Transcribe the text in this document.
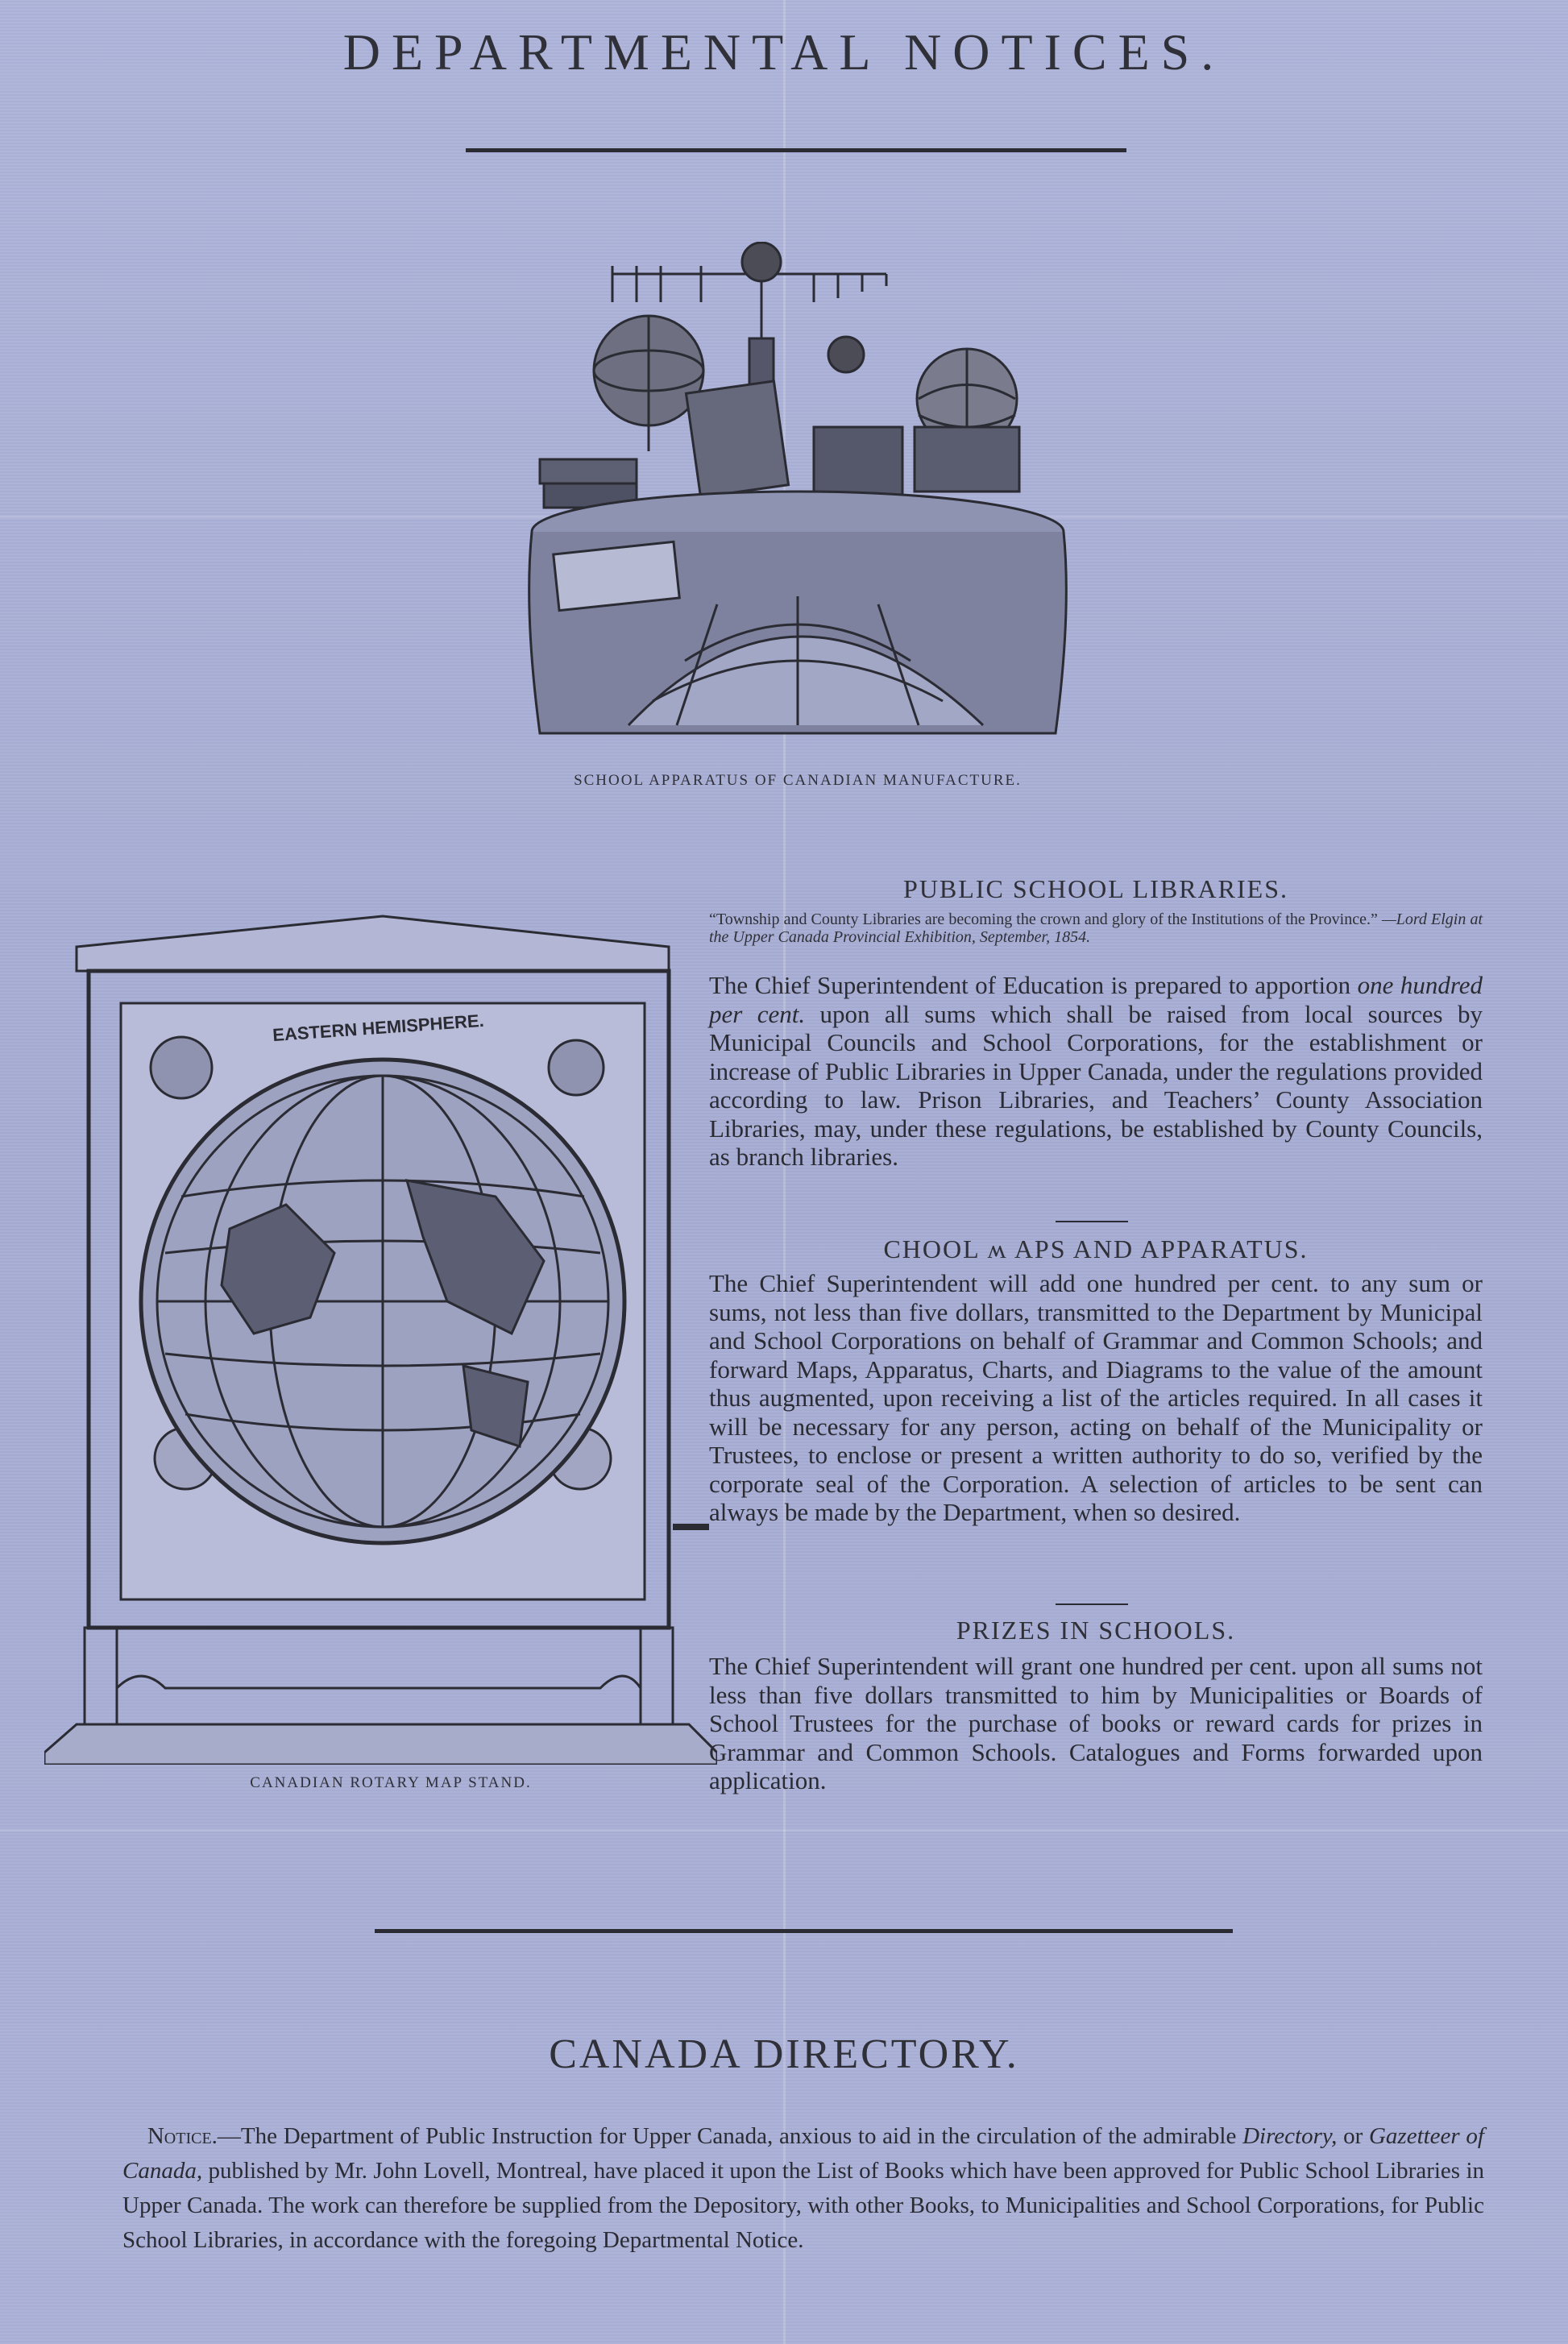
DEPARTMENTAL NOTICES.
SCHOOL APPARATUS OF CANADIAN MANUFACTURE.
EASTERN HEMISPHERE.
CANADIAN ROTARY MAP STAND.
PUBLIC SCHOOL LIBRARIES.
“Township and County Libraries are becoming the crown and glory of the Institutions of the Province.” —Lord Elgin at the Upper Canada Provincial Exhibition, September, 1854.
The Chief Superintendent of Education is prepared to apportion one hundred per cent. upon all sums which shall be raised from local sources by Municipal Councils and School Corporations, for the establishment or increase of Public Libraries in Upper Canada, under the regulations provided according to law. Prison Libraries, and Teachers’ County Association Libraries, may, under these regulations, be established by County Councils, as branch libraries.
CHOOL ʍ APS AND APPARATUS.
The Chief Superintendent will add one hundred per cent. to any sum or sums, not less than five dollars, transmitted to the Department by Municipal and School Corporations on behalf of Grammar and Common Schools; and forward Maps, Apparatus, Charts, and Diagrams to the value of the amount thus augmented, upon receiving a list of the articles required. In all cases it will be necessary for any person, acting on behalf of the Municipality or Trustees, to enclose or present a written authority to do so, verified by the corporate seal of the Corporation. A selection of articles to be sent can always be made by the Department, when so desired.
PRIZES IN SCHOOLS.
The Chief Superintendent will grant one hundred per cent. upon all sums not less than five dollars transmitted to him by Municipalities or Boards of School Trustees for the purchase of books or reward cards for prizes in Grammar and Common Schools. Catalogues and Forms forwarded upon application.
CANADA DIRECTORY.
Notice.—The Department of Public Instruction for Upper Canada, anxious to aid in the circulation of the admirable Directory, or Gazetteer of Canada, published by Mr. John Lovell, Montreal, have placed it upon the List of Books which have been approved for Public School Libraries in Upper Canada. The work can therefore be supplied from the Depository, with other Books, to Municipalities and School Corporations, for Public School Libraries, in accordance with the foregoing Departmental Notice.
